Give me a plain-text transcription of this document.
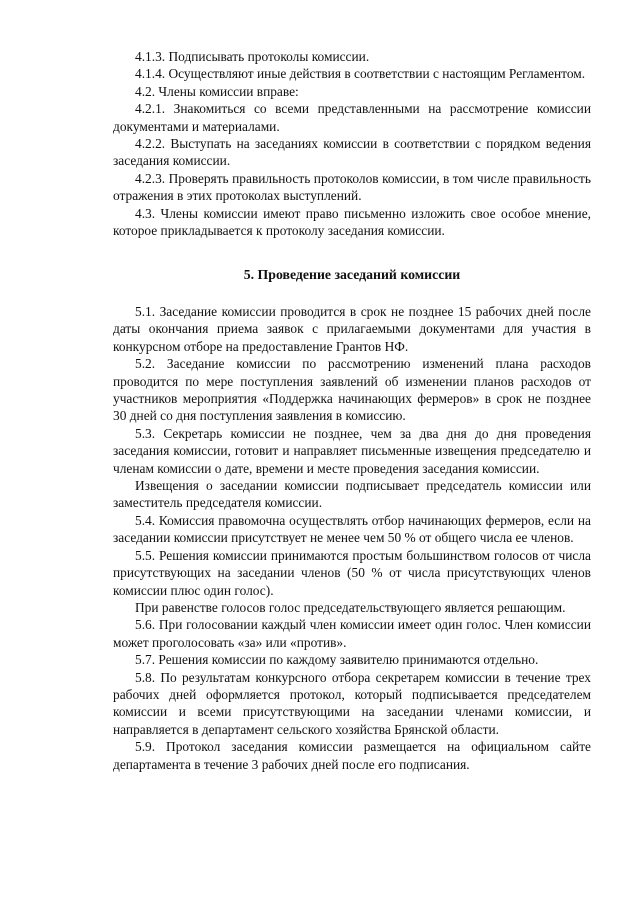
4.1.3. Подписывать протоколы комиссии.

4.1.4. Осуществляют иные действия в соответствии с настоящим Регламентом.

4.2. Члены комиссии вправе:

4.2.1. Знакомиться со всеми представленными на рассмотрение комиссии документами и материалами.

4.2.2. Выступать на заседаниях комиссии в соответствии с порядком ведения заседания комиссии.

4.2.3. Проверять правильность протоколов комиссии, в том числе правильность отражения в этих протоколах выступлений.

4.3. Члены комиссии имеют право письменно изложить свое особое мнение, которое прикладывается к протоколу заседания комиссии.

5. Проведение заседаний комиссии

5.1. Заседание комиссии проводится в срок не позднее 15 рабочих дней после даты окончания приема заявок с прилагаемыми документами для участия в конкурсном отборе на предоставление Грантов НФ.

5.2. Заседание комиссии по рассмотрению изменений плана расходов проводится по мере поступления заявлений об изменении планов расходов от участников мероприятия «Поддержка начинающих фермеров» в срок не позднее 30 дней со дня поступления заявления в комиссию.

5.3. Секретарь комиссии не позднее, чем за два дня до дня проведения заседания комиссии, готовит и направляет письменные извещения председателю и членам комиссии о дате, времени и месте проведения заседания комиссии.

Извещения о заседании комиссии подписывает председатель комиссии или заместитель председателя комиссии.

5.4. Комиссия правомочна осуществлять отбор начинающих фермеров, если на заседании комиссии присутствует не менее чем 50 % от общего числа ее членов.

5.5. Решения комиссии принимаются простым большинством голосов от числа присутствующих на заседании членов (50 % от числа присутствующих членов комиссии плюс один голос).

При равенстве голосов голос председательствующего является решающим.

5.6. При голосовании каждый член комиссии имеет один голос. Член комиссии может проголосовать «за» или «против».

5.7. Решения комиссии по каждому заявителю принимаются отдельно.

5.8. По результатам конкурсного отбора секретарем комиссии в течение трех рабочих дней оформляется протокол, который подписывается председателем комиссии и всеми присутствующими на заседании членами комиссии, и направляется в департамент сельского хозяйства Брянской области.

5.9. Протокол заседания комиссии размещается на официальном сайте департамента в течение 3 рабочих дней после его подписания.
